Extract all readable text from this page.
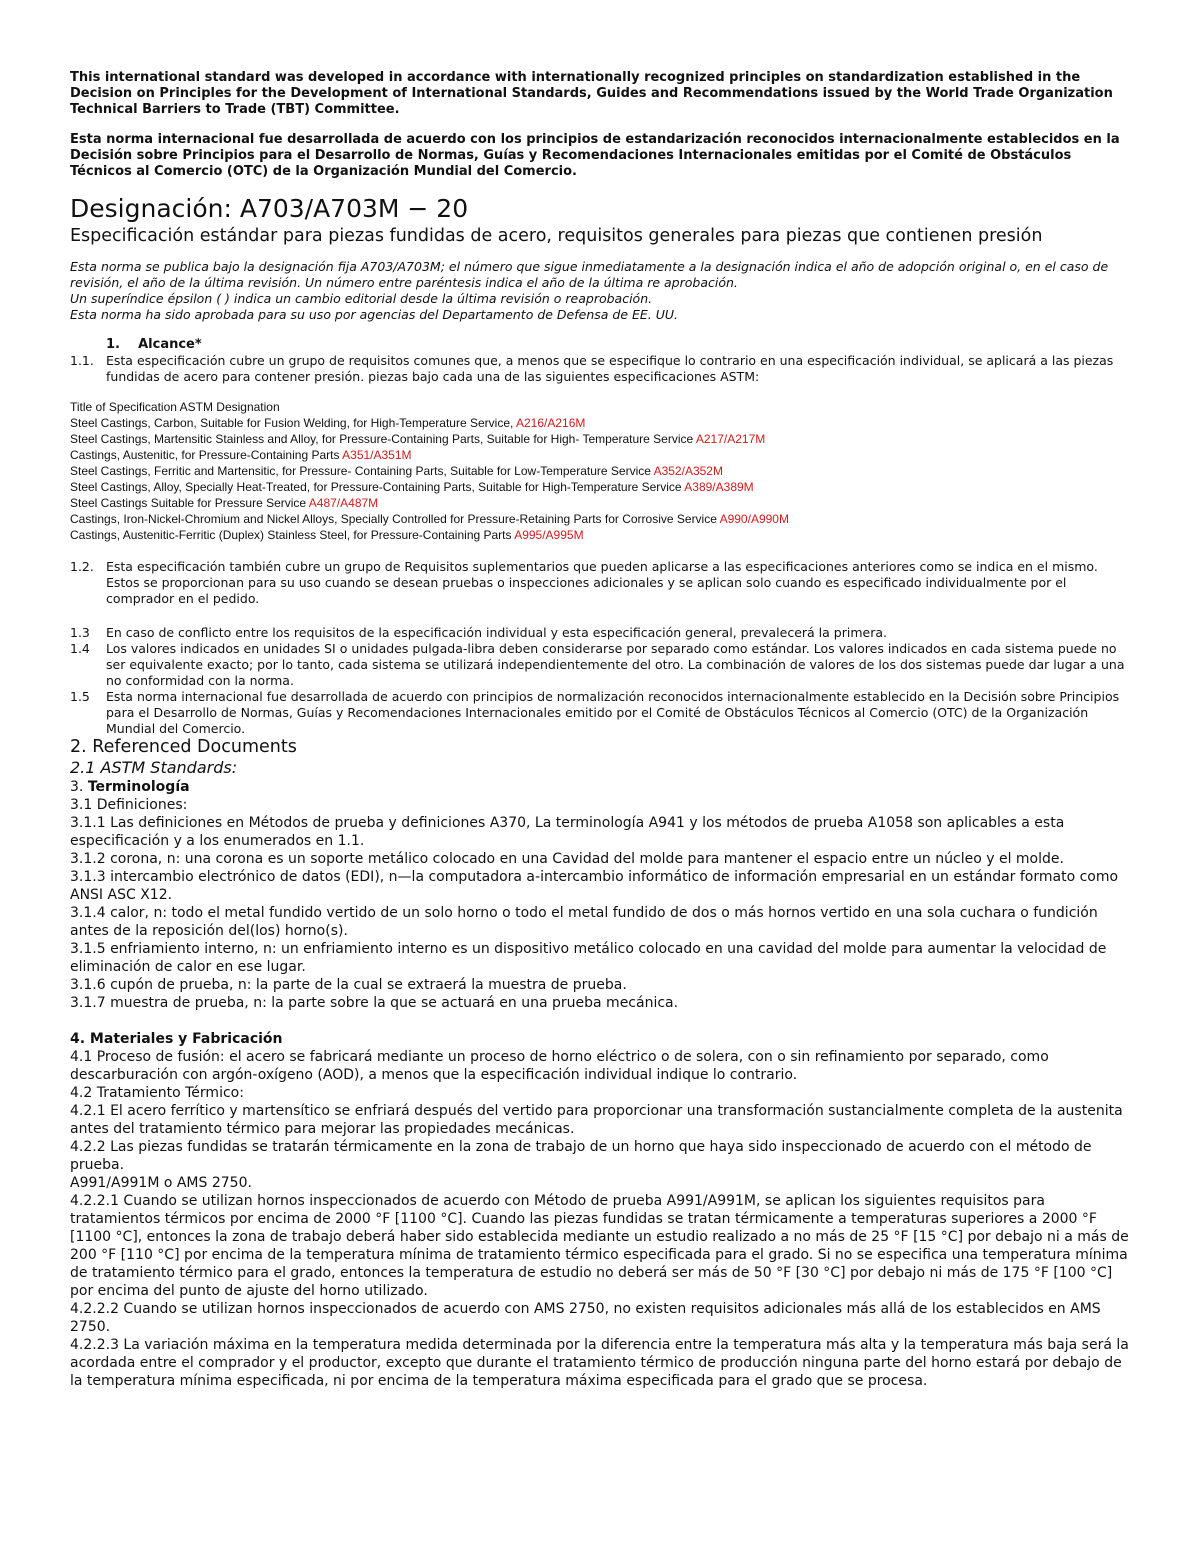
This international standard was developed in accordance with internationally recognized principles on standardization established in the Decision on Principles for the Development of International Standards, Guides and Recommendations issued by the World Trade Organization Technical Barriers to Trade (TBT) Committee.

Esta norma internacional fue desarrollada de acuerdo con los principios de estandarización reconocidos internacionalmente establecidos en la Decisión sobre Principios para el Desarrollo de Normas, Guías y Recomendaciones Internacionales emitidas por el Comité de Obstáculos Técnicos al Comercio (OTC) de la Organización Mundial del Comercio.

Designación: A703/A703M − 20
Especificación estándar para piezas fundidas de acero, requisitos generales para piezas que contienen presión
Esta norma se publica bajo la designación fija A703/A703M; el número que sigue inmediatamente a la designación indica el año de adopción original o, en el caso de revisión, el año de la última revisión. Un número entre paréntesis indica el año de la última re aprobación.
Un superíndice épsilon ( ) indica un cambio editorial desde la última revisión o reaprobación.
Esta norma ha sido aprobada para su uso por agencias del Departamento de Defensa de EE. UU.
1. Alcance*
1.1. Esta especificación cubre un grupo de requisitos comunes que, a menos que se especifique lo contrario en una especificación individual, se aplicará a las piezas fundidas de acero para contener presión. piezas bajo cada una de las siguientes especificaciones ASTM:
Title of Specification ASTM Designation
Steel Castings, Carbon, Suitable for Fusion Welding, for High-Temperature Service, A216/A216M
Steel Castings, Martensitic Stainless and Alloy, for Pressure-Containing Parts, Suitable for High- Temperature Service A217/A217M
Castings, Austenitic, for Pressure-Containing Parts A351/A351M
Steel Castings, Ferritic and Martensitic, for Pressure- Containing Parts, Suitable for Low-Temperature Service A352/A352M
Steel Castings, Alloy, Specially Heat-Treated, for Pressure-Containing Parts, Suitable for High-Temperature Service A389/A389M
Steel Castings Suitable for Pressure Service A487/A487M
Castings, Iron-Nickel-Chromium and Nickel Alloys, Specially Controlled for Pressure-Retaining Parts for Corrosive Service A990/A990M
Castings, Austenitic-Ferritic (Duplex) Stainless Steel, for Pressure-Containing Parts A995/A995M
1.2. Esta especificación también cubre un grupo de Requisitos suplementarios que pueden aplicarse a las especificaciones anteriores como se indica en el mismo. Estos se proporcionan para su uso cuando se desean pruebas o inspecciones adicionales y se aplican solo cuando es especificado individualmente por el comprador en el pedido.
1.3 En caso de conflicto entre los requisitos de la especificación individual y esta especificación general, prevalecerá la primera.
1.4 Los valores indicados en unidades SI o unidades pulgada-libra deben considerarse por separado como estándar. Los valores indicados en cada sistema puede no ser equivalente exacto; por lo tanto, cada sistema se utilizará independientemente del otro. La combinación de valores de los dos sistemas puede dar lugar a una no conformidad con la norma.
1.5 Esta norma internacional fue desarrollada de acuerdo con principios de normalización reconocidos internacionalmente establecido en la Decisión sobre Principios para el Desarrollo de Normas, Guías y Recomendaciones Internacionales emitido por el Comité de Obstáculos Técnicos al Comercio (OTC) de la Organización Mundial del Comercio.
2. Referenced Documents
2.1 ASTM Standards:
3. Terminología
3.1 Definiciones:
3.1.1 Las definiciones en Métodos de prueba y definiciones A370, La terminología A941 y los métodos de prueba A1058 son aplicables a esta especificación y a los enumerados en 1.1.
3.1.2 corona, n: una corona es un soporte metálico colocado en una Cavidad del molde para mantener el espacio entre un núcleo y el molde.
3.1.3 intercambio electrónico de datos (EDI), n—la computadora a-intercambio informático de información empresarial en un estándar formato como ANSI ASC X12.
3.1.4 calor, n: todo el metal fundido vertido de un solo horno o todo el metal fundido de dos o más hornos vertido en una sola cuchara o fundición antes de la reposición del(los) horno(s).
3.1.5 enfriamiento interno, n: un enfriamiento interno es un dispositivo metálico colocado en una cavidad del molde para aumentar la velocidad de eliminación de calor en ese lugar.
3.1.6 cupón de prueba, n: la parte de la cual se extraerá la muestra de prueba.
3.1.7 muestra de prueba, n: la parte sobre la que se actuará en una prueba mecánica.
4. Materiales y Fabricación
4.1 Proceso de fusión: el acero se fabricará mediante un proceso de horno eléctrico o de solera, con o sin refinamiento por separado, como descarburación con argón-oxígeno (AOD), a menos que la especificación individual indique lo contrario.
4.2 Tratamiento Térmico:
4.2.1 El acero ferrítico y martensítico se enfriará después del vertido para proporcionar una transformación sustancialmente completa de la austenita antes del tratamiento térmico para mejorar las propiedades mecánicas.
4.2.2 Las piezas fundidas se tratarán térmicamente en la zona de trabajo de un horno que haya sido inspeccionado de acuerdo con el método de prueba.
A991/A991M o AMS 2750.
4.2.2.1 Cuando se utilizan hornos inspeccionados de acuerdo con Método de prueba A991/A991M, se aplican los siguientes requisitos para tratamientos térmicos por encima de 2000 °F [1100 °C]. Cuando las piezas fundidas se tratan térmicamente a temperaturas superiores a 2000 °F [1100 °C], entonces la zona de trabajo deberá haber sido establecida mediante un estudio realizado a no más de 25 °F [15 °C] por debajo ni a más de 200 °F [110 °C] por encima de la temperatura mínima de tratamiento térmico especificada para el grado. Si no se especifica una temperatura mínima de tratamiento térmico para el grado, entonces la temperatura de estudio no deberá ser más de 50 °F [30 °C] por debajo ni más de 175 °F [100 °C] por encima del punto de ajuste del horno utilizado.
4.2.2.2 Cuando se utilizan hornos inspeccionados de acuerdo con AMS 2750, no existen requisitos adicionales más allá de los establecidos en AMS 2750.
4.2.2.3 La variación máxima en la temperatura medida determinada por la diferencia entre la temperatura más alta y la temperatura más baja será la acordada entre el comprador y el productor, excepto que durante el tratamiento térmico de producción ninguna parte del horno estará por debajo de la temperatura mínima especificada, ni por encima de la temperatura máxima especificada para el grado que se procesa.
